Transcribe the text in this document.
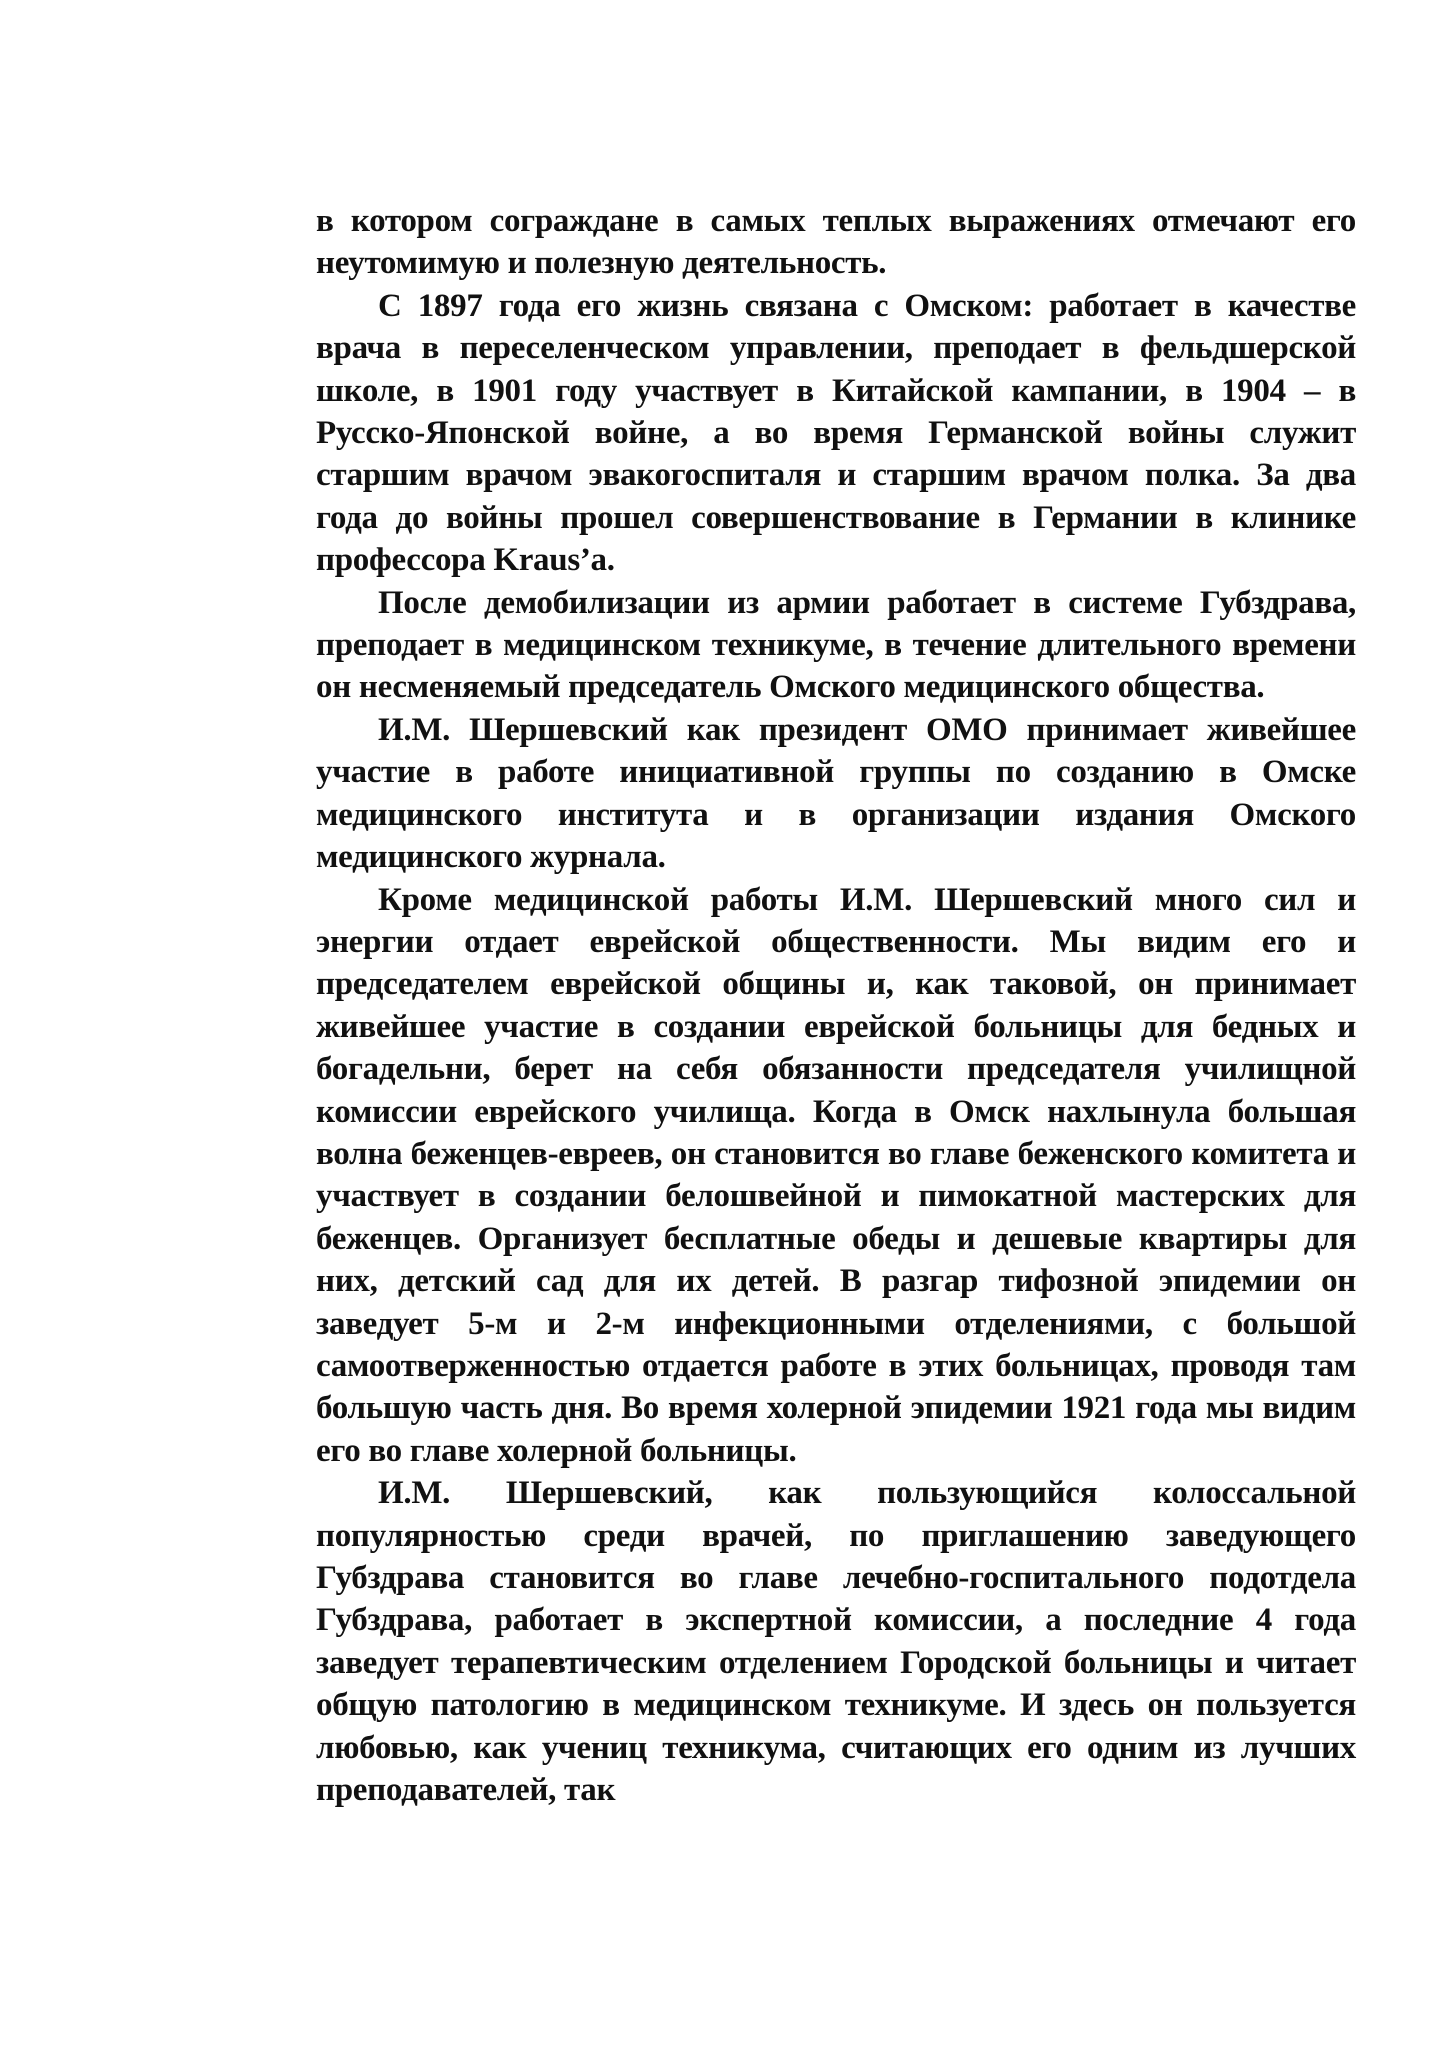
в котором сограждане в самых теплых выражениях отмечают его неутомимую и полезную деятельность.

С 1897 года его жизнь связана с Омском: работает в качестве врача в переселенческом управлении, преподает в фельдшерской школе, в 1901 году участвует в Китайской кампании, в 1904 – в Русско-Японской войне, а во время Германской войны служит старшим врачом эвакогоспиталя и старшим врачом полка. За два года до войны прошел совершенствование в Германии в клинике профессора Kraus’a.

После демобилизации из армии работает в системе Губздрава, преподает в медицинском техникуме, в течение длительного времени он несменяемый председатель Омского медицинского общества.

И.М. Шершевский как президент ОМО принимает живейшее участие в работе инициативной группы по созданию в Омске медицинского института и в организации издания Омского медицинского журнала.

Кроме медицинской работы И.М. Шершевский много сил и энергии отдает еврейской общественности. Мы видим его и председателем еврейской общины и, как таковой, он принимает живейшее участие в создании еврейской больницы для бедных и богадельни, берет на себя обязанности председателя училищной комиссии еврейского училища. Когда в Омск нахлынула большая волна беженцев-евреев, он становится во главе беженского комитета и участвует в создании белошвейной и пимокатной мастерских для беженцев. Организует бесплатные обеды и дешевые квартиры для них, детский сад для их детей. В разгар тифозной эпидемии он заведует 5-м и 2-м инфекционными отделениями, с большой самоотверженностью отдается работе в этих больницах, проводя там большую часть дня. Во время холерной эпидемии 1921 года мы видим его во главе холерной больницы.

И.М. Шершевский, как пользующийся колоссальной популярностью среди врачей, по приглашению заведующего Губздрава становится во главе лечебно-госпитального подотдела Губздрава, работает в экспертной комиссии, а последние 4 года заведует терапевтическим отделением Городской больницы и читает общую патологию в медицинском техникуме. И здесь он пользуется любовью, как учениц техникума, считающих его одним из лучших преподавателей, так
